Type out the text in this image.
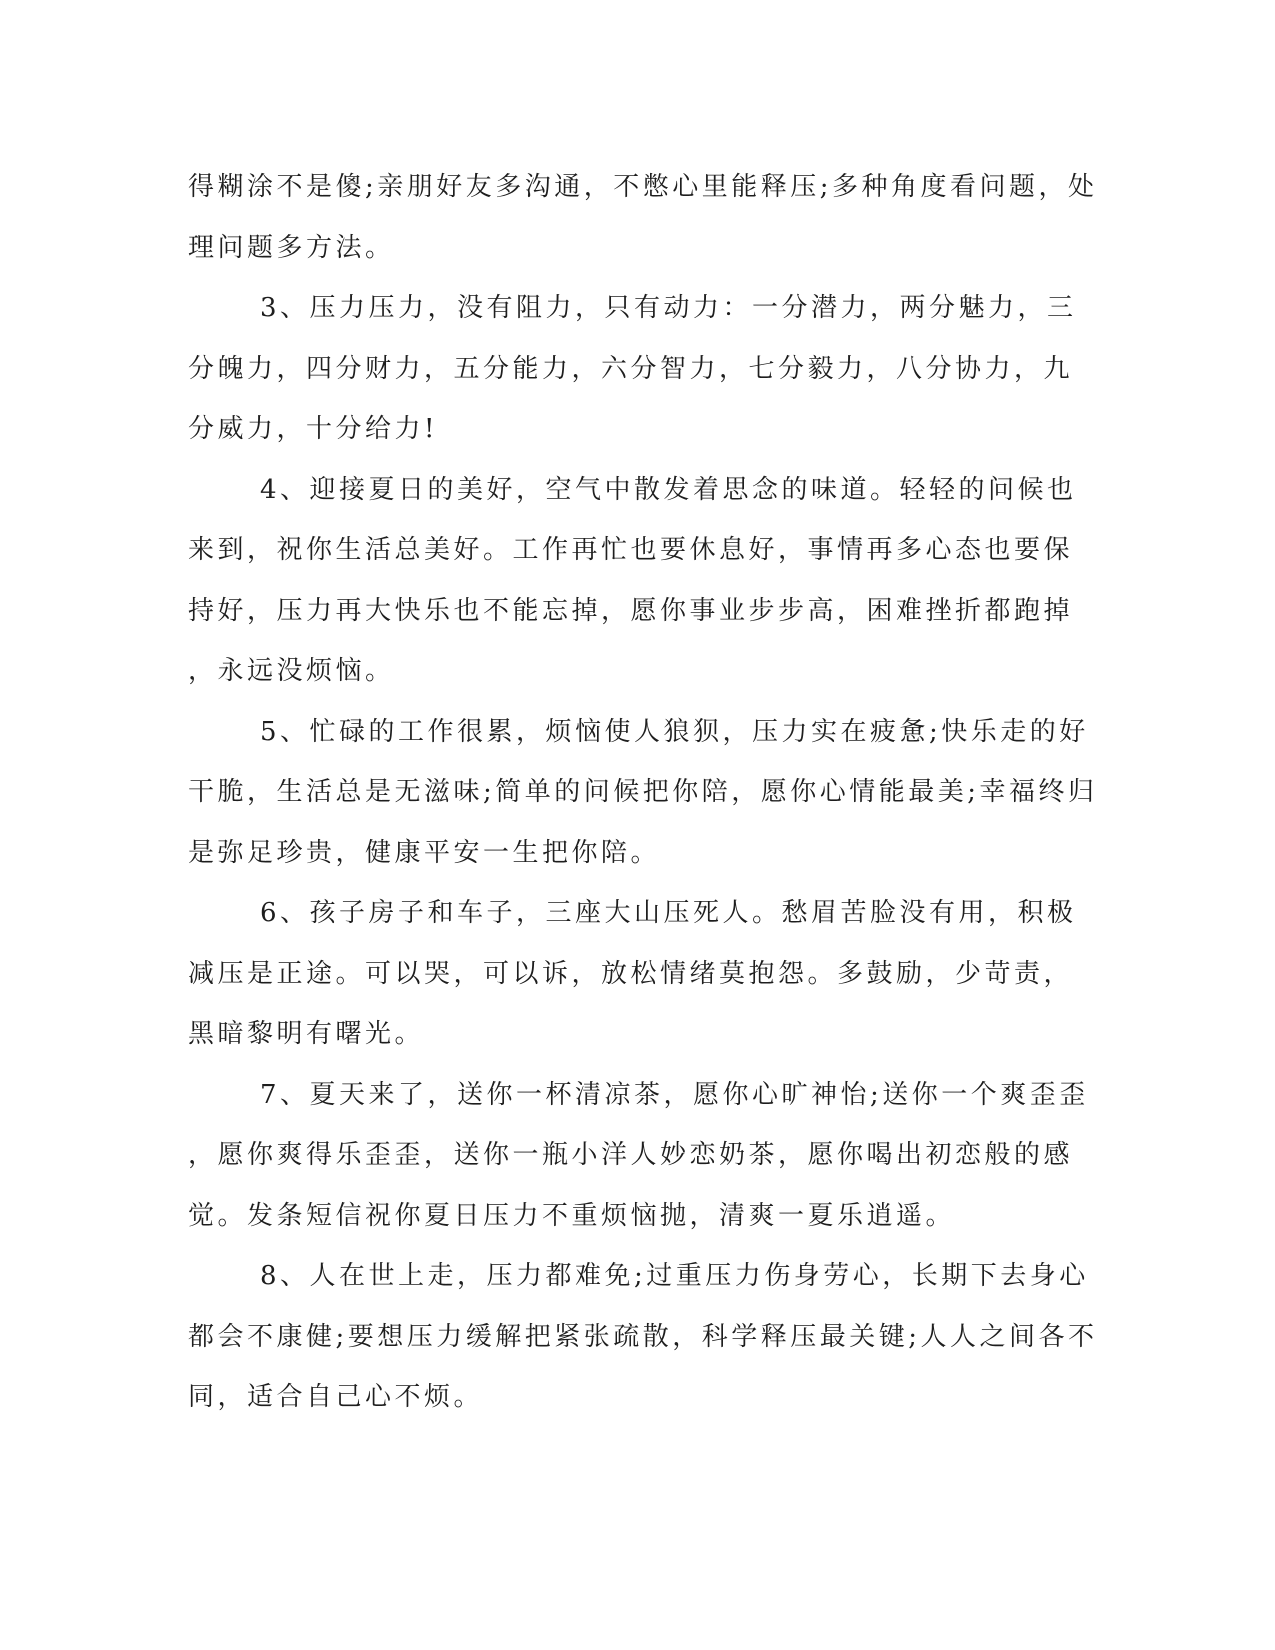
得糊涂不是傻;亲朋好友多沟通，不憋心里能释压;多种角度看问题，处
理问题多方法。
3、压力压力，没有阻力，只有动力：一分潜力，两分魅力，三
分魄力，四分财力，五分能力，六分智力，七分毅力，八分协力，九
分威力，十分给力!
4、迎接夏日的美好，空气中散发着思念的味道。轻轻的问候也
来到，祝你生活总美好。工作再忙也要休息好，事情再多心态也要保
持好，压力再大快乐也不能忘掉，愿你事业步步高，困难挫折都跑掉
，永远没烦恼。
5、忙碌的工作很累，烦恼使人狼狈，压力实在疲惫;快乐走的好
干脆，生活总是无滋味;简单的问候把你陪，愿你心情能最美;幸福终归
是弥足珍贵，健康平安一生把你陪。
6、孩子房子和车子，三座大山压死人。愁眉苦脸没有用，积极
减压是正途。可以哭，可以诉，放松情绪莫抱怨。多鼓励，少苛责，
黑暗黎明有曙光。
7、夏天来了，送你一杯清凉茶，愿你心旷神怡;送你一个爽歪歪
，愿你爽得乐歪歪，送你一瓶小洋人妙恋奶茶，愿你喝出初恋般的感
觉。发条短信祝你夏日压力不重烦恼抛，清爽一夏乐逍遥。
8、人在世上走，压力都难免;过重压力伤身劳心，长期下去身心
都会不康健;要想压力缓解把紧张疏散，科学释压最关键;人人之间各不
同，适合自己心不烦。
